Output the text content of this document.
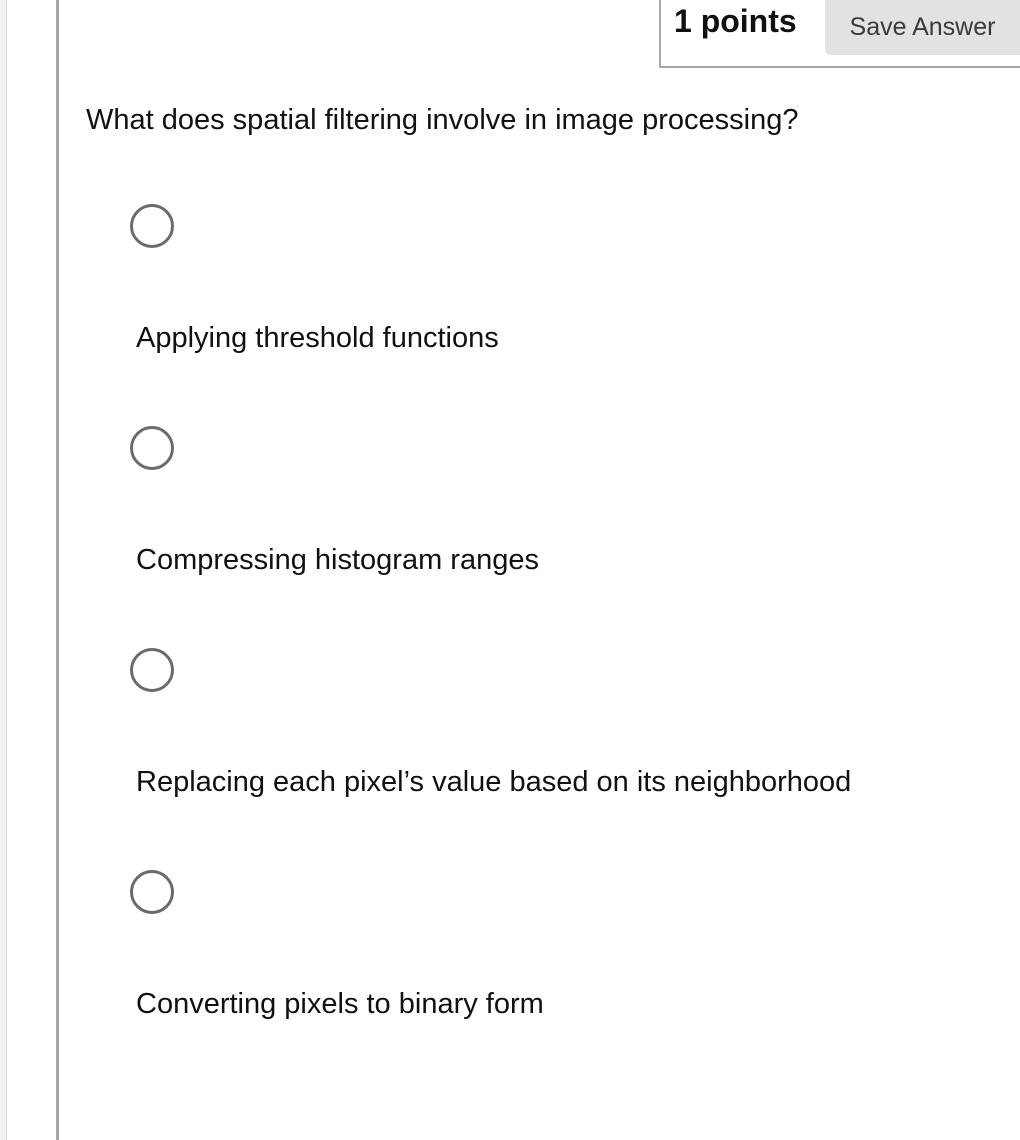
1 points	Save Answer
What does spatial filtering involve in image processing?
Applying threshold functions
Compressing histogram ranges
Replacing each pixel’s value based on its neighborhood
Converting pixels to binary form
